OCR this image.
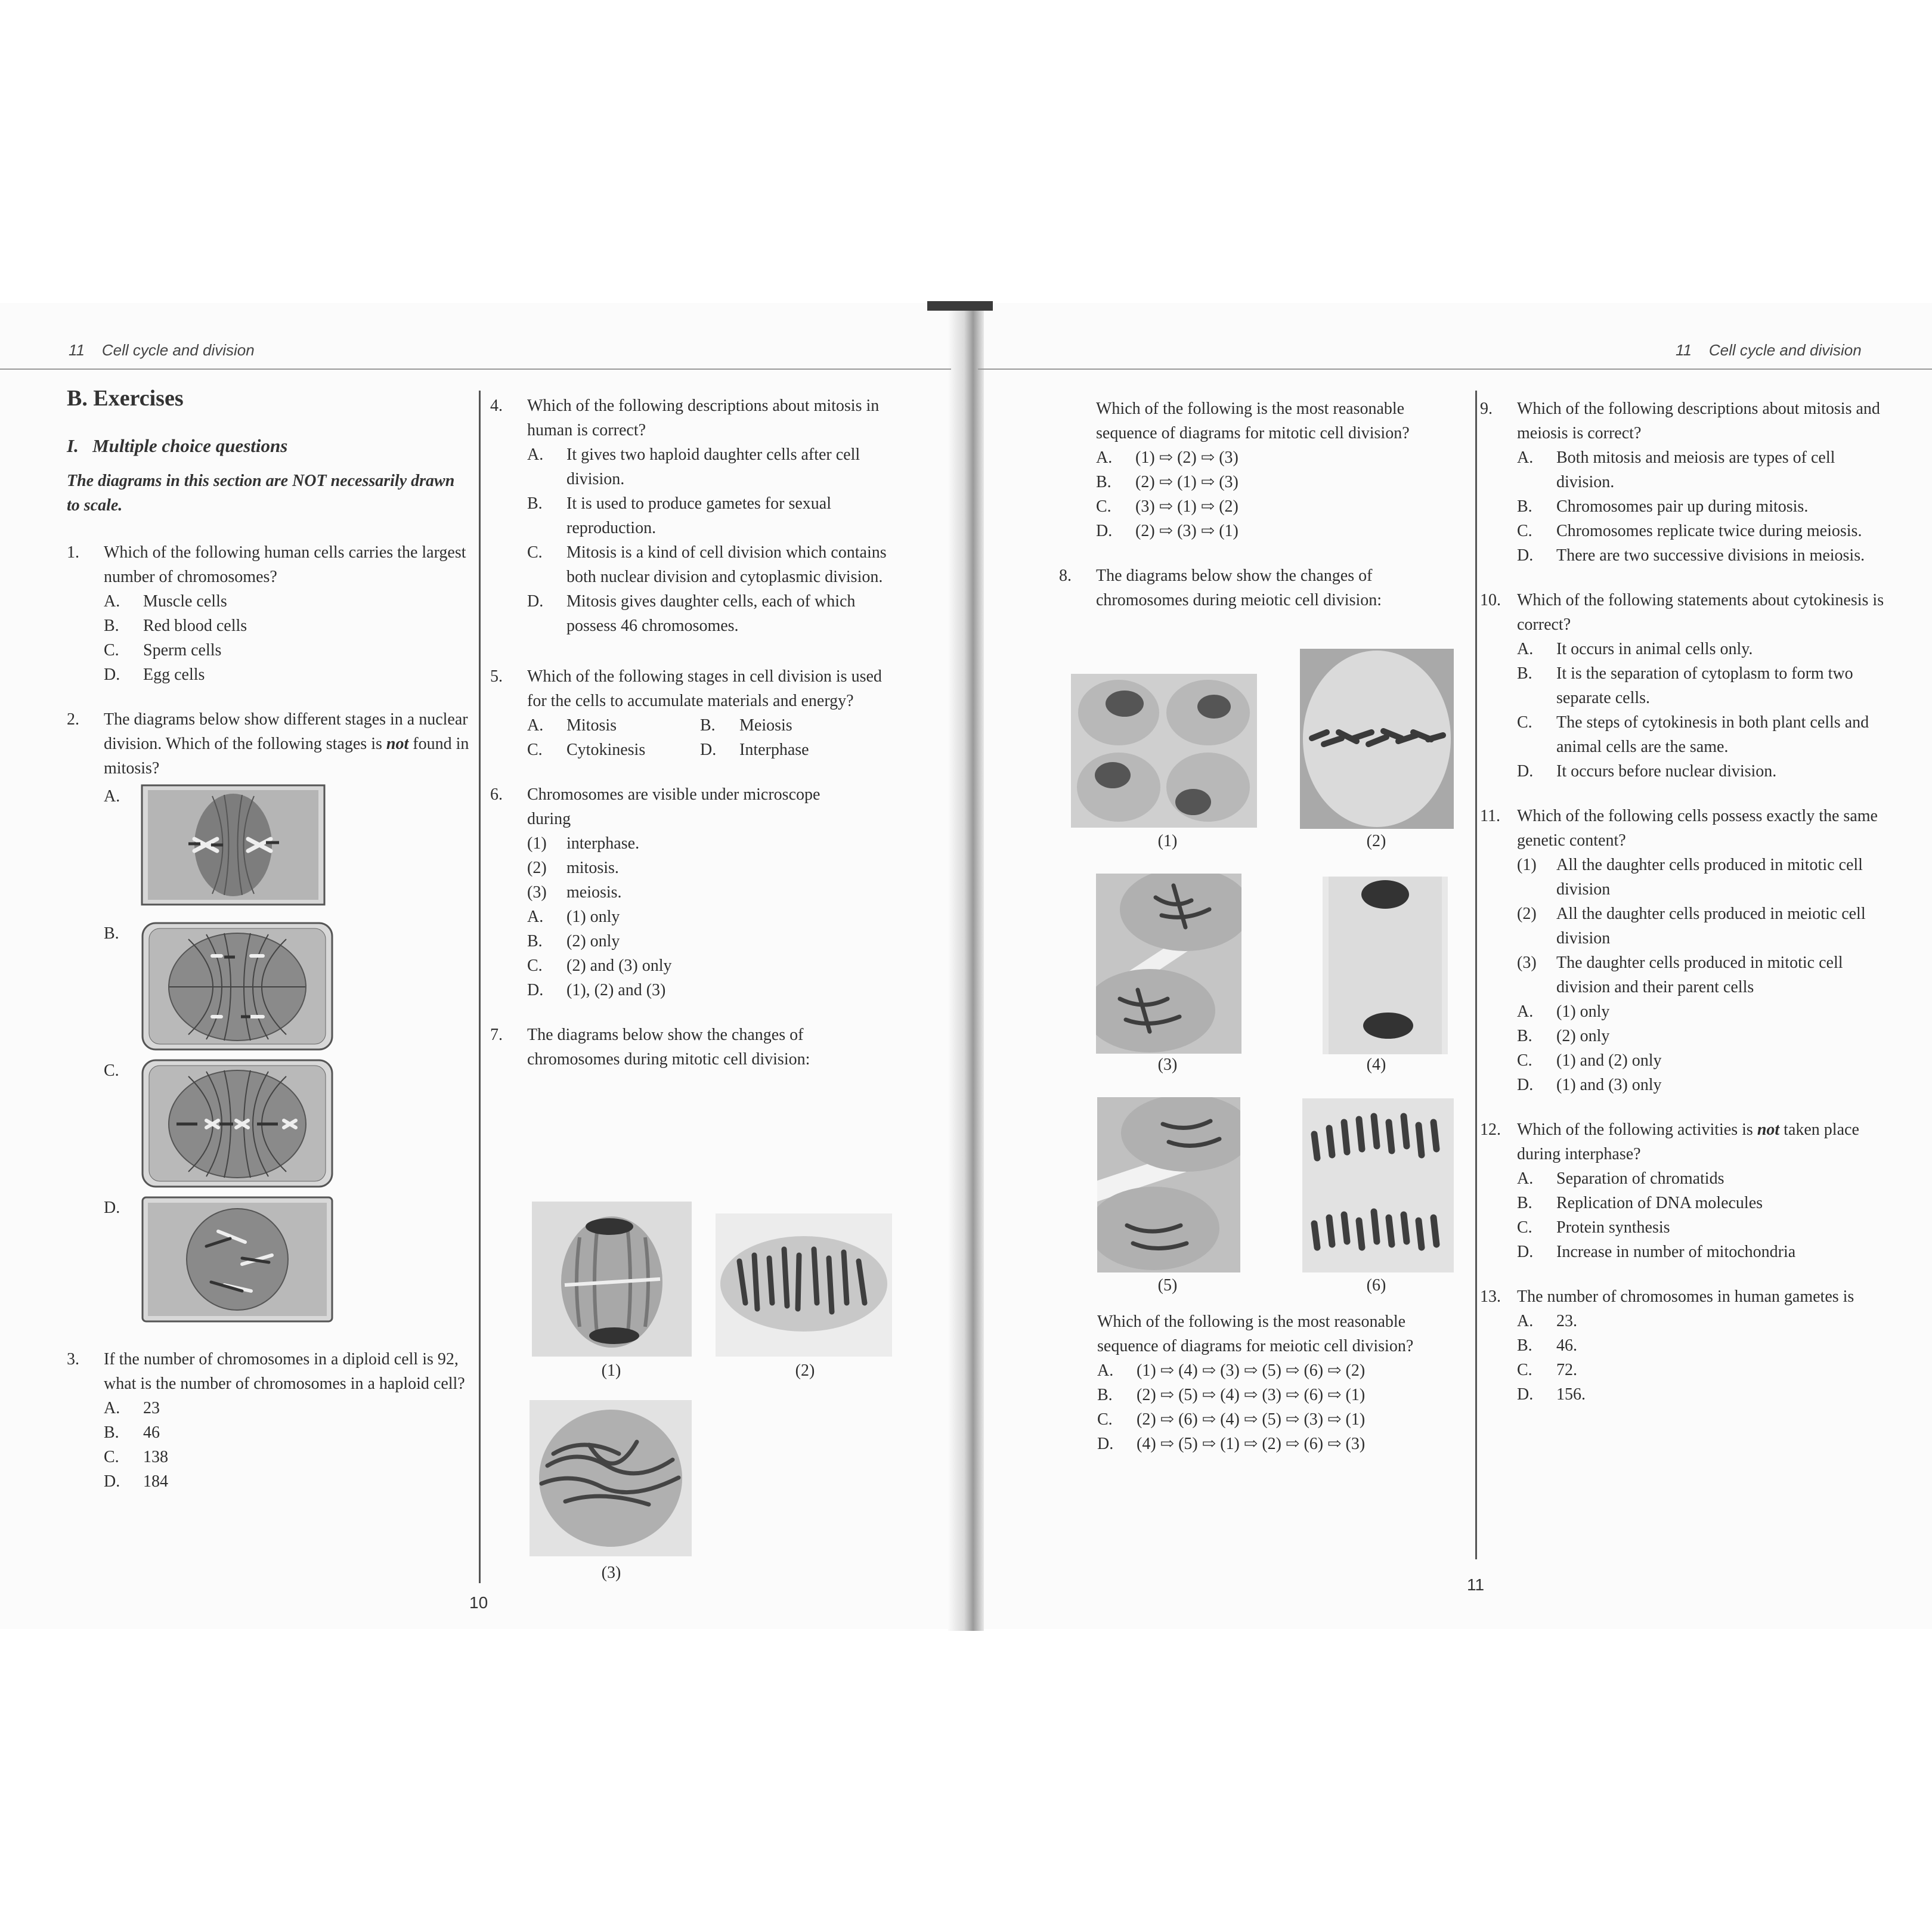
11 Cell cycle and division	11 Cell cycle and division
10
11
B. Exercises
I. Multiple choice questions
The diagrams in this section are NOT necessarily drawn to scale.
1. Which of the following human cells carries the largest number of chromosomes?
A. Muscle cells
B. Red blood cells
C. Sperm cells
D. Egg cells
2. The diagrams below show different stages in a nuclear division. Which of the following stages is not found in mitosis?
A.
B.
C.
D.
3. If the number of chromosomes in a diploid cell is 92, what is the number of chromosomes in a haploid cell?
A. 23
B. 46
C. 138
D. 184
4. Which of the following descriptions about mitosis in human is correct?
A. It gives two haploid daughter cells after cell division.
B. It is used to produce gametes for sexual reproduction.
C. Mitosis is a kind of cell division which contains both nuclear division and cytoplasmic division.
D. Mitosis gives daughter cells, each of which possess 46 chromosomes.
5. Which of the following stages in cell division is used for the cells to accumulate materials and energy?
A. Mitosis	B. Meiosis
C. Cytokinesis	D. Interphase
6. Chromosomes are visible under microscope during
(1) interphase.
(2) mitosis.
(3) meiosis.
A. (1) only
B. (2) only
C. (2) and (3) only
D. (1), (2) and (3)
7. The diagrams below show the changes of chromosomes during mitotic cell division:
(1)	(2)
(3)
Which of the following is the most reasonable sequence of diagrams for mitotic cell division?
A. (1) ⇨ (2) ⇨ (3)
B. (2) ⇨ (1) ⇨ (3)
C. (3) ⇨ (1) ⇨ (2)
D. (2) ⇨ (3) ⇨ (1)
8. The diagrams below show the changes of chromosomes during meiotic cell division:
(1)	(2)
(3)	(4)
(5)	(6)
Which of the following is the most reasonable sequence of diagrams for meiotic cell division?
A. (1) ⇨ (4) ⇨ (3) ⇨ (5) ⇨ (6) ⇨ (2)
B. (2) ⇨ (5) ⇨ (4) ⇨ (3) ⇨ (6) ⇨ (1)
C. (2) ⇨ (6) ⇨ (4) ⇨ (5) ⇨ (3) ⇨ (1)
D. (4) ⇨ (5) ⇨ (1) ⇨ (2) ⇨ (6) ⇨ (3)
9. Which of the following descriptions about mitosis and meiosis is correct?
A. Both mitosis and meiosis are types of cell division.
B. Chromosomes pair up during mitosis.
C. Chromosomes replicate twice during meiosis.
D. There are two successive divisions in meiosis.
10. Which of the following statements about cytokinesis is correct?
A. It occurs in animal cells only.
B. It is the separation of cytoplasm to form two separate cells.
C. The steps of cytokinesis in both plant cells and animal cells are the same.
D. It occurs before nuclear division.
11. Which of the following cells possess exactly the same genetic content?
(1) All the daughter cells produced in mitotic cell division
(2) All the daughter cells produced in meiotic cell division
(3) The daughter cells produced in mitotic cell division and their parent cells
A. (1) only
B. (2) only
C. (1) and (2) only
D. (1) and (3) only
12. Which of the following activities is not taken place during interphase?
A. Separation of chromatids
B. Replication of DNA molecules
C. Protein synthesis
D. Increase in number of mitochondria
13. The number of chromosomes in human gametes is
A. 23.
B. 46.
C. 72.
D. 156.
